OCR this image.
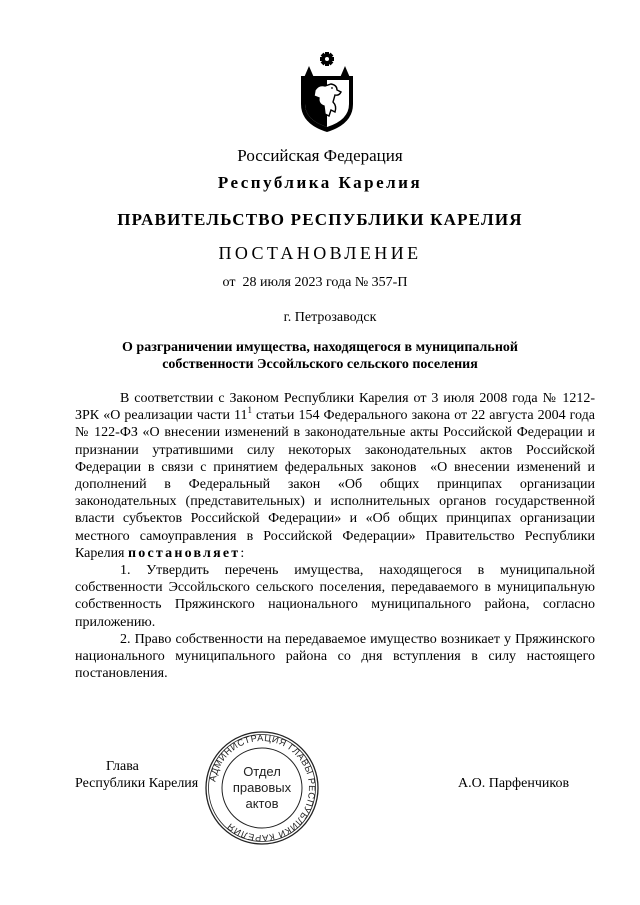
Российская Федерация
Республика Карелия
ПРАВИТЕЛЬСТВО РЕСПУБЛИКИ КАРЕЛИЯ
ПОСТАНОВЛЕНИЕ
от  28 июля 2023 года № 357-П
г. Петрозаводск
О разграничении имущества, находящегося в муниципальной
собственности Эссойльского сельского поселения

В соответствии с Законом Республики Карелия от 3 июля 2008 года № 1212-ЗРК «О реализации части $11^1$ статьи 154 Федерального закона от 22 августа 2004 года № 122-ФЗ «О внесении изменений в законодательные акты Российской Федерации и признании утратившими силу некоторых законодательных актов Российской Федерации в связи с принятием федеральных законов  «О внесении изменений и дополнений в Федеральный закон «Об общих принципах организации законодательных (представительных) и исполнительных органов государственной власти субъектов Российской Федерации» и «Об общих принципах организации местного самоуправления в Российской Федерации» Правительство Республики Карелия постановляет:

1. Утвердить перечень имущества, находящегося в муниципальной собственности Эссойльского сельского поселения, передаваемого в муниципальную собственность Пряжинского национального муниципального района, согласно приложению.

2. Право собственности на передаваемое имущество возникает у Пряжинского национального муниципального района со дня вступления в силу настоящего постановления.

Глава
Республики Карелия	А.О. Парфенчиков
АДМИНИСТРАЦИЯ ГЛАВЫ РЕСПУБЛИКИ КАРЕЛИЯ
Отдел
правовых
актов
